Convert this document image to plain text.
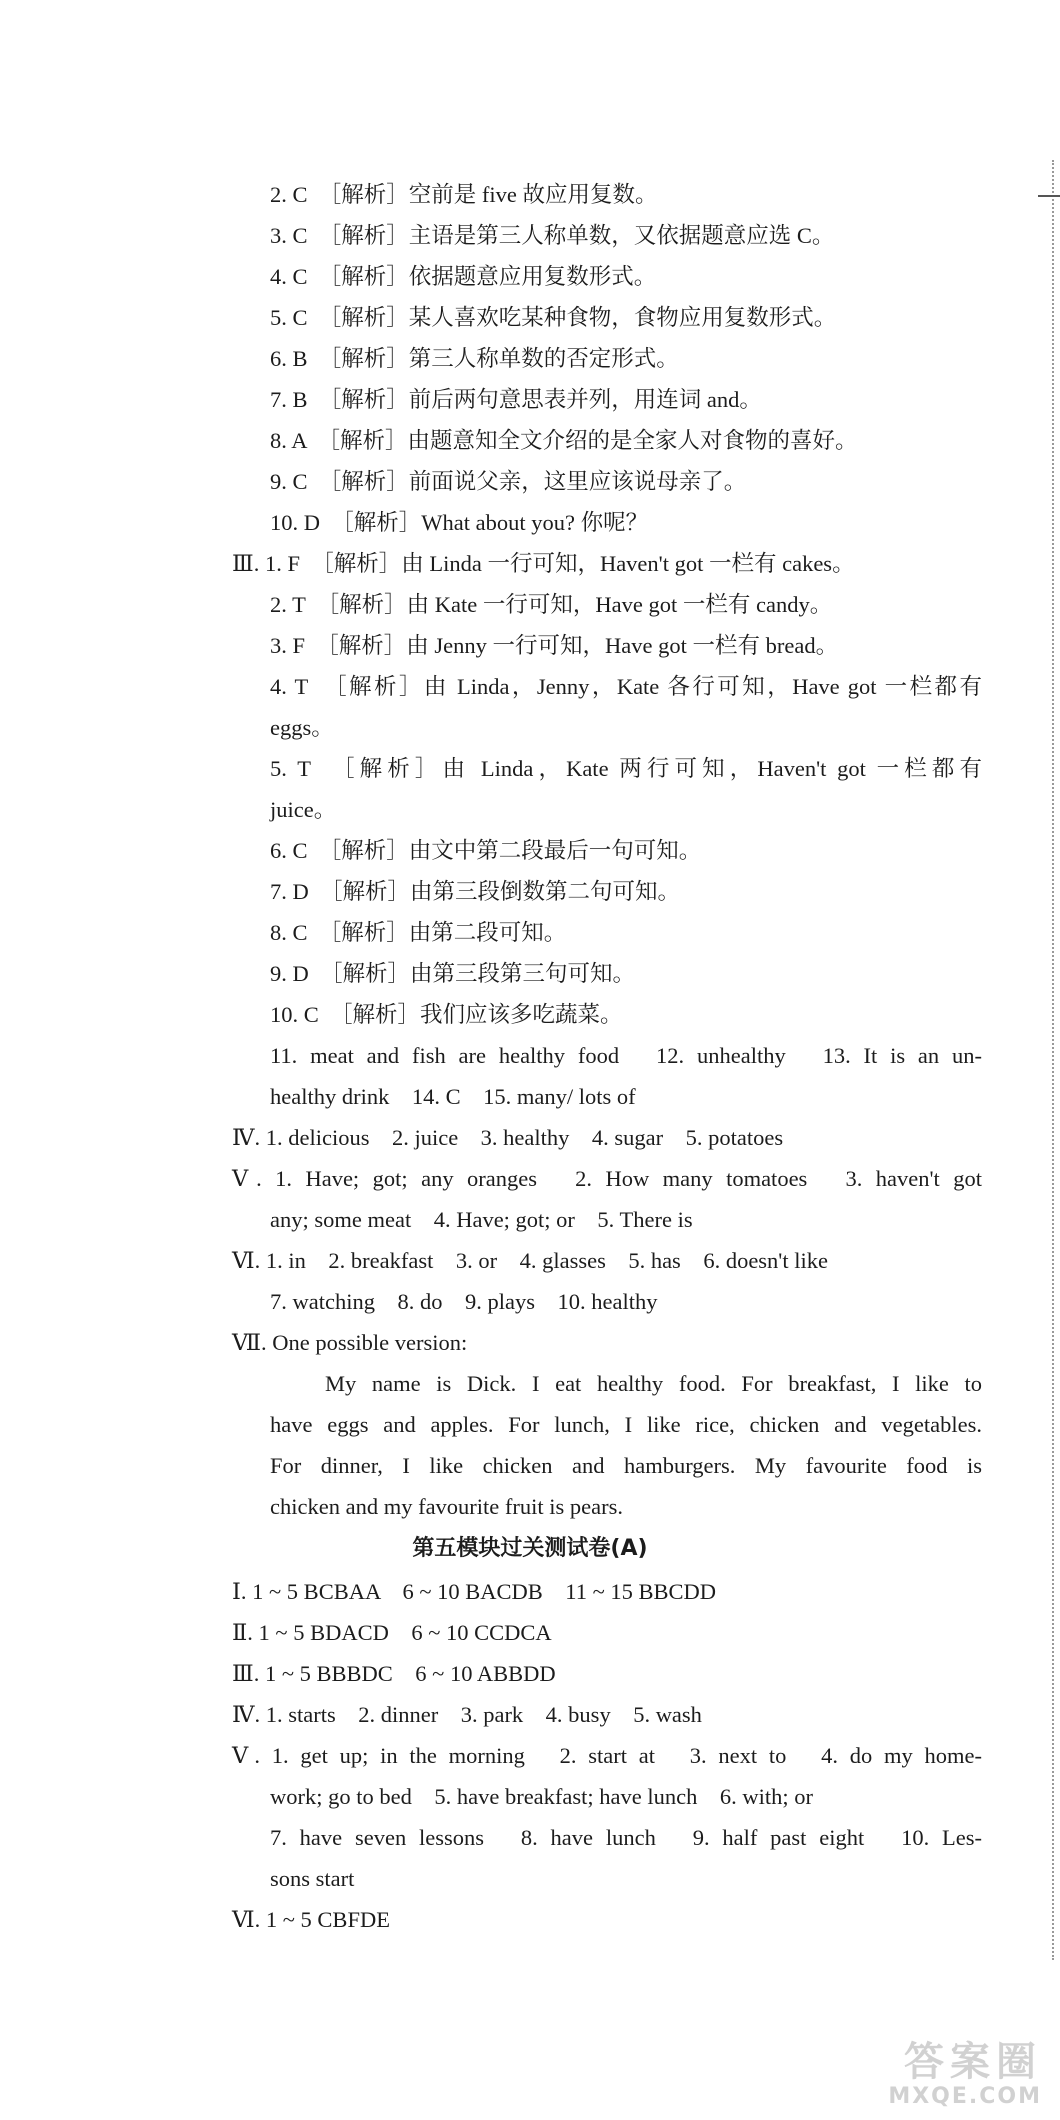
2. C　［解析］空前是 five 故应用复数。
3. C　［解析］主语是第三人称单数，又依据题意应选 C。
4. C　［解析］依据题意应用复数形式。
5. C　［解析］某人喜欢吃某种食物，食物应用复数形式。
6. B　［解析］第三人称单数的否定形式。
7. B　［解析］前后两句意思表并列，用连词 and。
8. A　［解析］由题意知全文介绍的是全家人对食物的喜好。
9. C　［解析］前面说父亲，这里应该说母亲了。
10. D　［解析］What about you? 你呢？
Ⅲ. 1. F　［解析］由 Linda 一行可知，Haven't got 一栏有 cakes。
2. T　［解析］由 Kate 一行可知，Have got 一栏有 candy。
3. F　［解析］由 Jenny 一行可知，Have got 一栏有 bread。
4. T　［解析］由 Linda，Jenny，Kate 各行可知，Have got 一栏都有
eggs。
5. T　［解析］由 Linda，Kate 两行可知，Haven't got 一栏都有
juice。
6. C　［解析］由文中第二段最后一句可知。
7. D　［解析］由第三段倒数第二句可知。
8. C　［解析］由第二段可知。
9. D　［解析］由第三段第三句可知。
10. C　［解析］我们应该多吃蔬菜。
11. meat and fish are healthy food　12. unhealthy　13. It is an un-
healthy drink　14. C　15. many/ lots of
Ⅳ. 1. delicious　2. juice　3. healthy　4. sugar　5. potatoes
Ⅴ. 1. Have; got; any oranges　2. How many tomatoes　3. haven't got
any; some meat　4. Have; got; or　5. There is
Ⅵ. 1. in　2. breakfast　3. or　4. glasses　5. has　6. doesn't like
7. watching　8. do　9. plays　10. healthy
Ⅶ. One possible version:
My name is Dick. I eat healthy food. For breakfast, I like to
have eggs and apples. For lunch, I like rice, chicken and vegetables.
For dinner, I like chicken and hamburgers. My favourite food is
chicken and my favourite fruit is pears.
第五模块过关测试卷(A)
Ⅰ. 1 ~ 5 BCBAA　6 ~ 10 BACDB　11 ~ 15 BBCDD
Ⅱ. 1 ~ 5 BDACD　6 ~ 10 CCDCA
Ⅲ. 1 ~ 5 BBBDC　6 ~ 10 ABBDD
Ⅳ. 1. starts　2. dinner　3. park　4. busy　5. wash
Ⅴ. 1. get up; in the morning　2. start at　3. next to　4. do my home-
work; go to bed　5. have breakfast; have lunch　6. with; or
7. have seven lessons　8. have lunch　9. half past eight　10. Les-
sons start
Ⅵ. 1 ~ 5 CBFDE
答案圈
MXQE.COM
